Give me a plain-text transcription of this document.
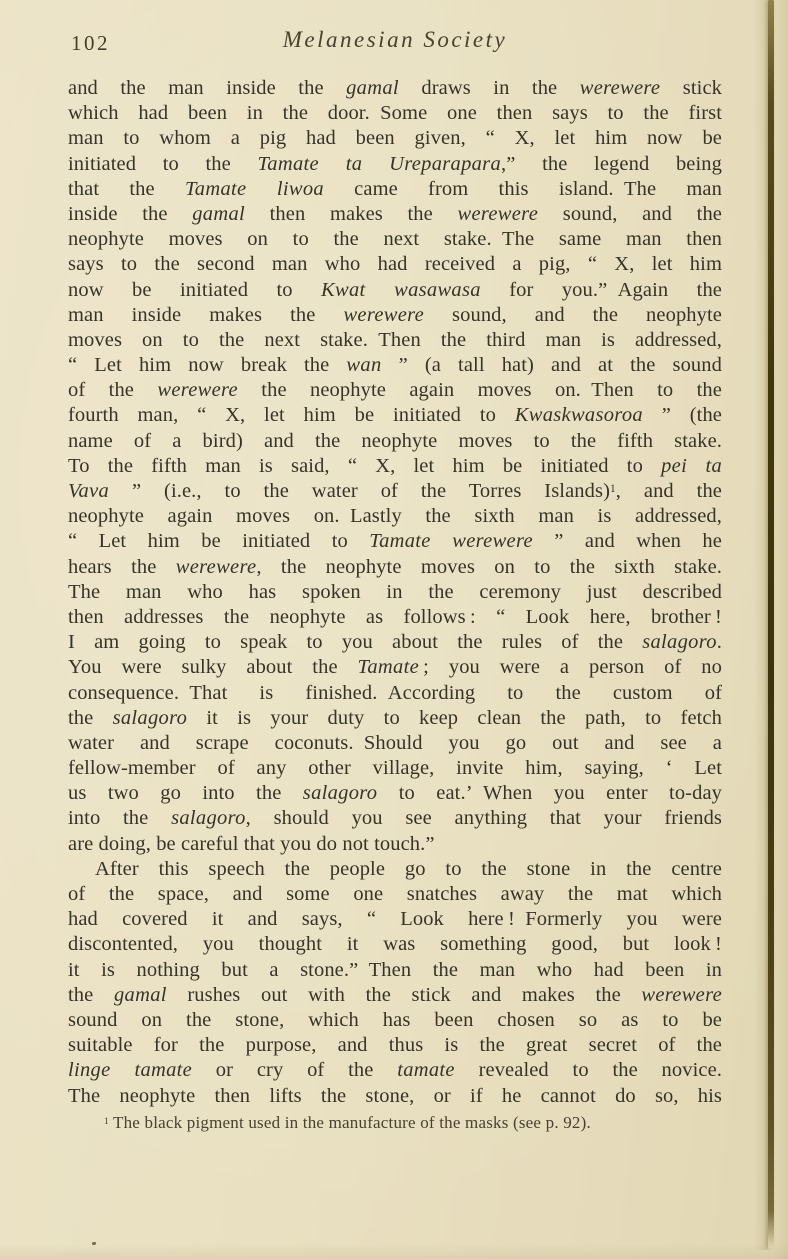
102	Melanesian Society
and the man inside the gamal draws in the werewere stick
which had been in the door. Some one then says to the first
man to whom a pig had been given, “ X, let him now be
initiated to the Tamate ta Ureparapara,” the legend being
that the Tamate liwoa came from this island. The man
inside the gamal then makes the werewere sound, and the
neophyte moves on to the next stake. The same man then
says to the second man who had received a pig, “ X, let him
now be initiated to Kwat wasawasa for you.” Again the
man inside makes the werewere sound, and the neophyte
moves on to the next stake. Then the third man is addressed,
“ Let him now break the wan ” (a tall hat) and at the sound
of the werewere the neophyte again moves on. Then to the
fourth man, “ X, let him be initiated to Kwaskwasoroa ” (the
name of a bird) and the neophyte moves to the fifth stake.
To the fifth man is said, “ X, let him be initiated to pei ta
Vava ” (i.e., to the water of the Torres Islands)$^1$, and the
neophyte again moves on. Lastly the sixth man is addressed,
“ Let him be initiated to Tamate werewere ” and when he
hears the werewere, the neophyte moves on to the sixth stake.
The man who has spoken in the ceremony just described
then addresses the neophyte as follows : “ Look here, brother !
I am going to speak to you about the rules of the salagoro.
You were sulky about the Tamate ; you were a person of no
consequence. That is finished. According to the custom of
the salagoro it is your duty to keep clean the path, to fetch
water and scrape coconuts. Should you go out and see a
fellow-member of any other village, invite him, saying, ‘ Let
us two go into the salagoro to eat.’ When you enter to-day
into the salagoro, should you see anything that your friends
are doing, be careful that you do not touch.”
After this speech the people go to the stone in the centre
of the space, and some one snatches away the mat which
had covered it and says, “ Look here ! Formerly you were
discontented, you thought it was something good, but look !
it is nothing but a stone.” Then the man who had been in
the gamal rushes out with the stick and makes the werewere
sound on the stone, which has been chosen so as to be
suitable for the purpose, and thus is the great secret of the
linge tamate or cry of the tamate revealed to the novice.
The neophyte then lifts the stone, or if he cannot do so, his
$^1$ The black pigment used in the manufacture of the masks (see p. 92).
